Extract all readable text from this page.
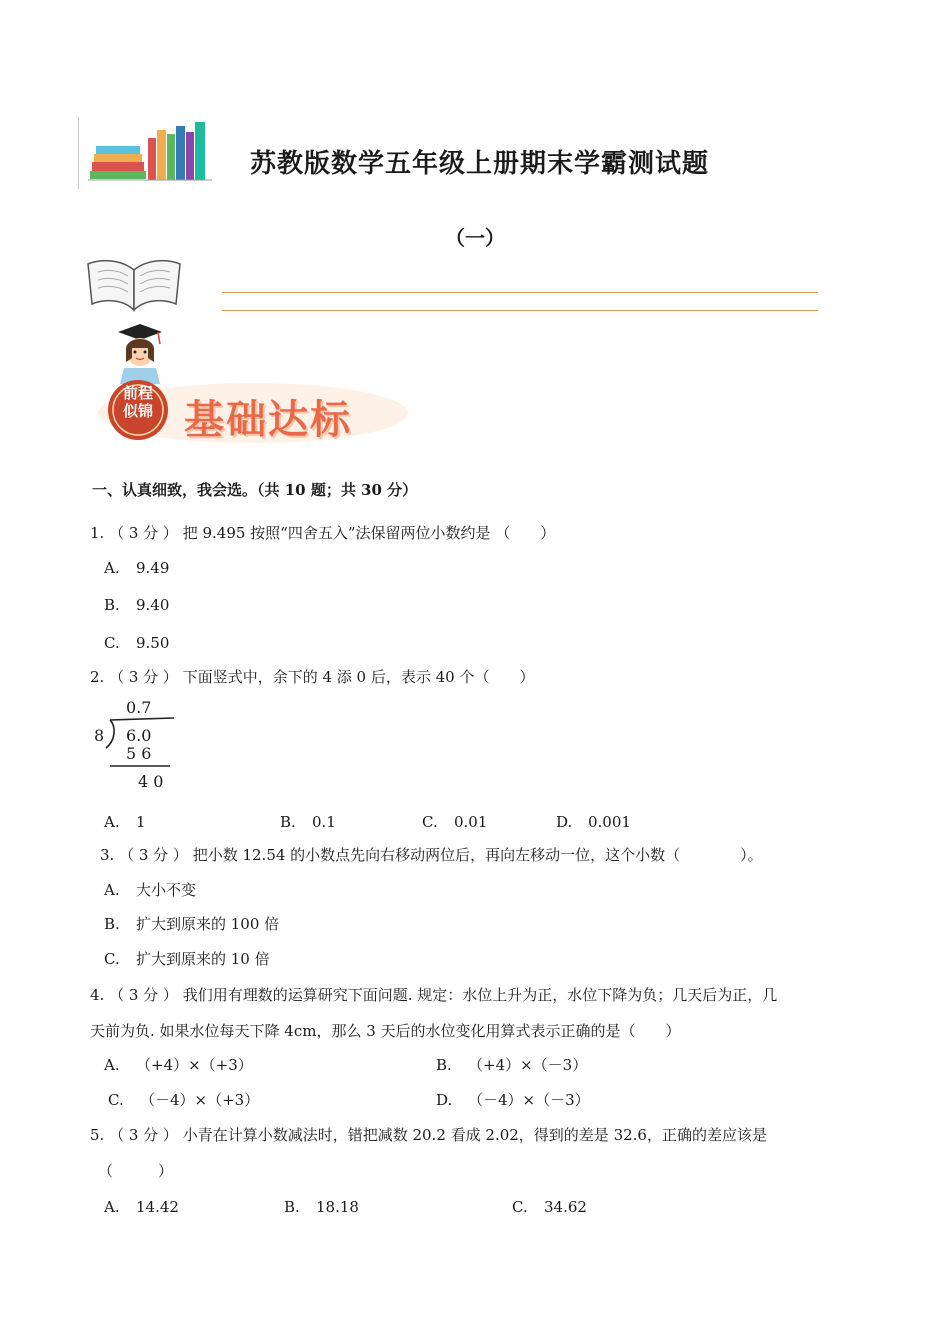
苏教版数学五年级上册期末学霸测试题
（一）
前程
似锦 基础达标
一、认真细致，我会选。（共 10 题；共 30 分）
1. （ 3 分 ） 把 9.495 按照“四舍五入”法保留两位小数约是 （　　）
A. 9.49
B. 9.40
C. 9.50
2. （ 3 分 ） 下面竖式中，余下的 4 添 0 后，表示 40 个（　　）
0.7
8 6.0
5 6
4 0
A. 1	B. 0.1	C. 0.01	D. 0.001
3. （ 3 分 ） 把小数 12.54 的小数点先向右移动两位后，再向左移动一位，这个小数（　　　　）。
A. 大小不变
B. 扩大到原来的 100 倍
C. 扩大到原来的 10 倍
4. （ 3 分 ） 我们用有理数的运算研究下面问题. 规定：水位上升为正，水位下降为负；几天后为正，几
天前为负. 如果水位每天下降 4cm，那么 3 天后的水位变化用算式表示正确的是（　　）
A. （+4）×（+3）	B. （+4）×（－3）
C. （－4）×（+3）	D. （－4）×（－3）
5. （ 3 分 ） 小青在计算小数减法时，错把减数 20.2 看成 2.02，得到的差是 32.6，正确的差应该是
（　　　）
A. 14.42	B. 18.18	C. 34.62
